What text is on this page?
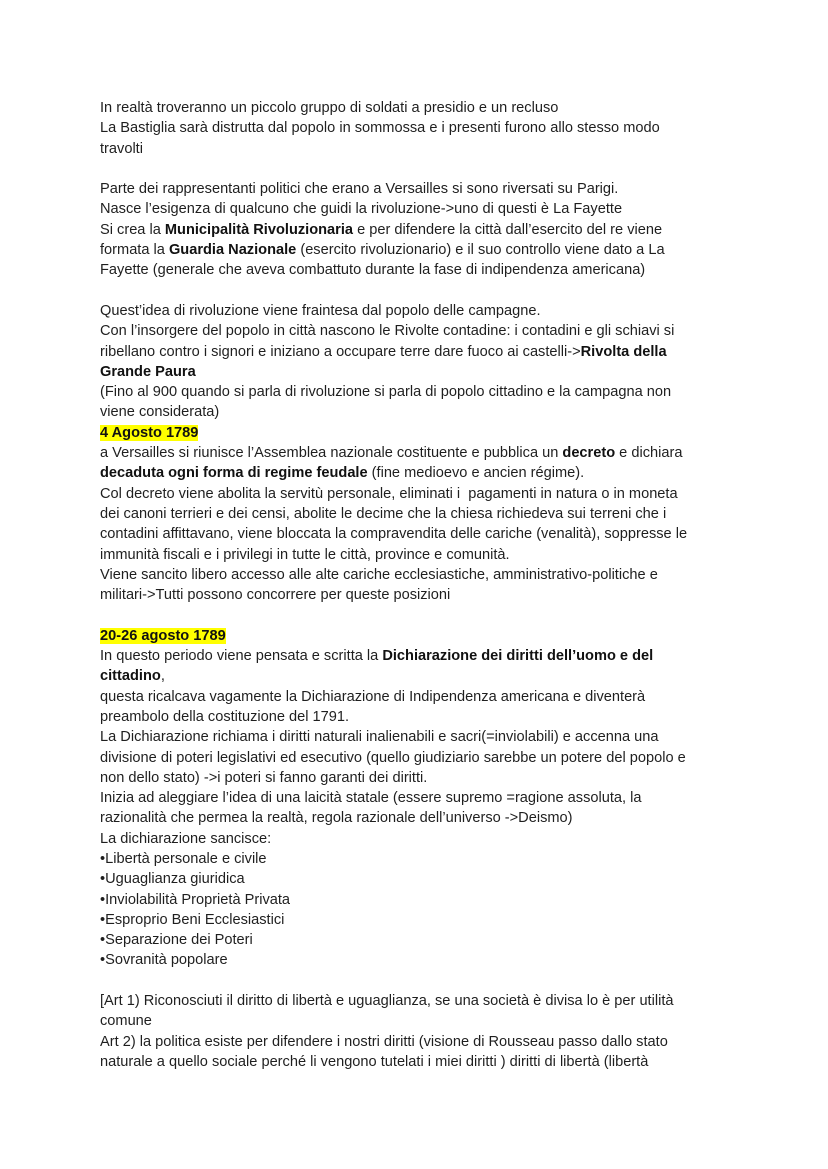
In realtà troveranno un piccolo gruppo di soldati a presidio e un recluso
La Bastiglia sarà distrutta dal popolo in sommossa e i presenti furono allo stesso modo
travolti
Parte dei rappresentanti politici che erano a Versailles si sono riversati su Parigi.
Nasce l’esigenza di qualcuno che guidi la rivoluzione->uno di questi è La Fayette
Si crea la Municipalità Rivoluzionaria e per difendere la città dall’esercito del re viene
formata la Guardia Nazionale (esercito rivoluzionario) e il suo controllo viene dato a La
Fayette (generale che aveva combattuto durante la fase di indipendenza americana)
Quest’idea di rivoluzione viene fraintesa dal popolo delle campagne.
Con l’insorgere del popolo in città nascono le Rivolte contadine: i contadini e gli schiavi si
ribellano contro i signori e iniziano a occupare terre dare fuoco ai castelli->Rivolta della
Grande Paura
(Fino al 900 quando si parla di rivoluzione si parla di popolo cittadino e la campagna non
viene considerata)
4 Agosto 1789
a Versailles si riunisce l’Assemblea nazionale costituente e pubblica un decreto e dichiara
decaduta ogni forma di regime feudale (fine medioevo e ancien régime).
Col decreto viene abolita la servitù personale, eliminati i  pagamenti in natura o in moneta
dei canoni terrieri e dei censi, abolite le decime che la chiesa richiedeva sui terreni che i
contadini affittavano, viene bloccata la compravendita delle cariche (venalità), soppresse le
immunità fiscali e i privilegi in tutte le città, province e comunità.
Viene sancito libero accesso alle alte cariche ecclesiastiche, amministrativo-politiche e
militari->Tutti possono concorrere per queste posizioni
20-26 agosto 1789
In questo periodo viene pensata e scritta la Dichiarazione dei diritti dell’uomo e del
cittadino,
questa ricalcava vagamente la Dichiarazione di Indipendenza americana e diventerà
preambolo della costituzione del 1791.
La Dichiarazione richiama i diritti naturali inalienabili e sacri(=inviolabili) e accenna una
divisione di poteri legislativi ed esecutivo (quello giudiziario sarebbe un potere del popolo e
non dello stato) ->i poteri si fanno garanti dei diritti.
Inizia ad aleggiare l’idea di una laicità statale (essere supremo =ragione assoluta, la
razionalità che permea la realtà, regola razionale dell’universo ->Deismo)
La dichiarazione sancisce:
•Libertà personale e civile
•Uguaglianza giuridica
•Inviolabilità Proprietà Privata
•Esproprio Beni Ecclesiastici
•Separazione dei Poteri
•Sovranità popolare
[Art 1) Riconosciuti il diritto di libertà e uguaglianza, se una società è divisa lo è per utilità
comune
Art 2) la politica esiste per difendere i nostri diritti (visione di Rousseau passo dallo stato
naturale a quello sociale perché li vengono tutelati i miei diritti ) diritti di libertà (libertà
